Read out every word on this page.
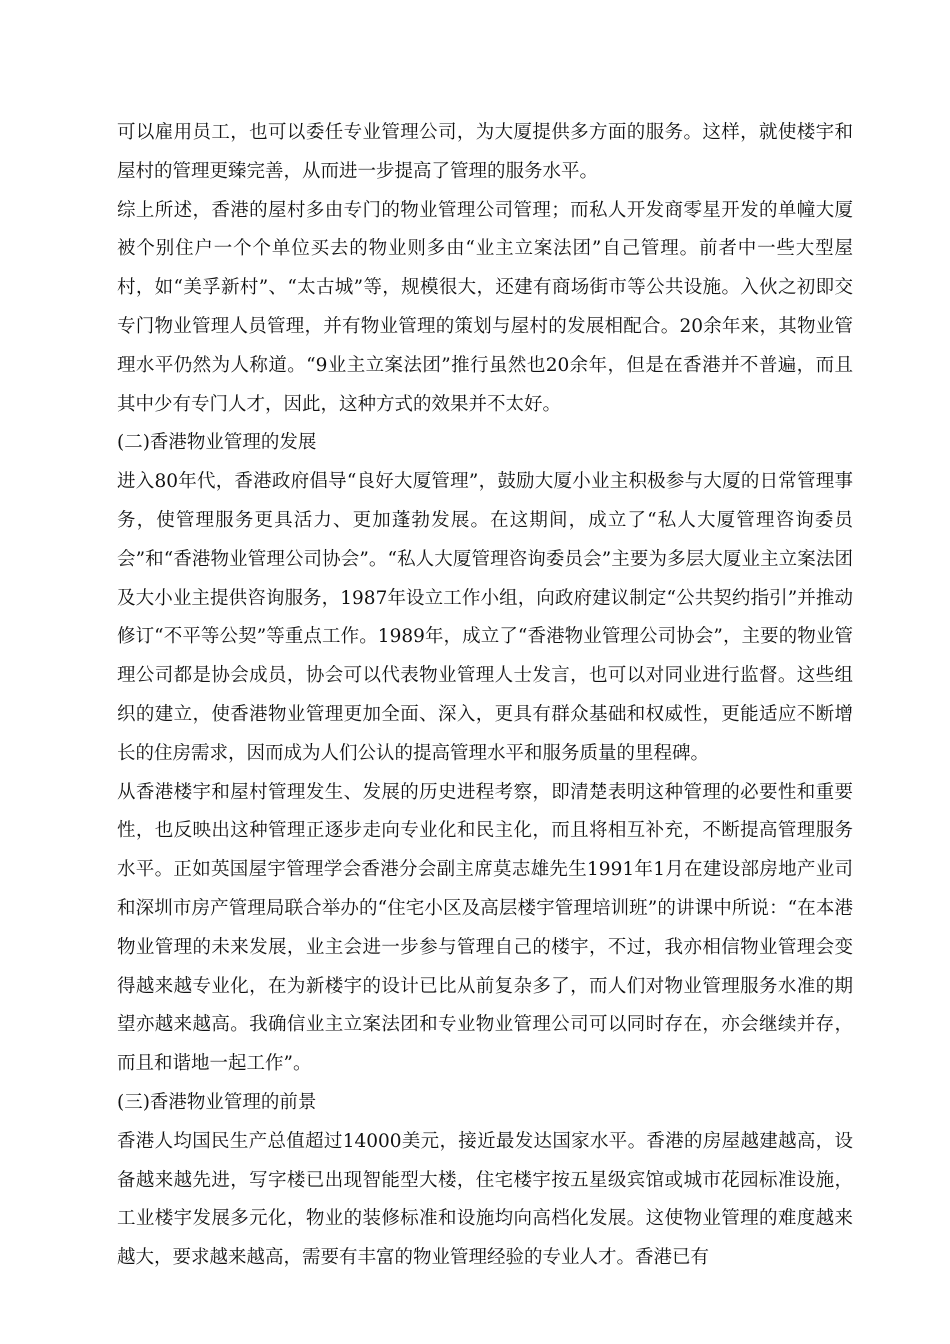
可以雇用员工，也可以委任专业管理公司，为大厦提供多方面的服务。这样，就使楼宇和屋村的管理更臻完善，从而进一步提高了管理的服务水平。

综上所述，香港的屋村多由专门的物业管理公司管理；而私人开发商零星开发的单幢大厦被个别住户一个个单位买去的物业则多由“业主立案法团”自己管理。前者中一些大型屋村，如“美孚新村”、“太古城”等，规模很大，还建有商场街市等公共设施。入伙之初即交专门物业管理人员管理，并有物业管理的策划与屋村的发展相配合。20余年来，其物业管理水平仍然为人称道。“9业主立案法团”推行虽然也20余年，但是在香港并不普遍，而且其中少有专门人才，因此，这种方式的效果并不太好。

(二)香港物业管理的发展

进入80年代，香港政府倡导“良好大厦管理”，鼓励大厦小业主积极参与大厦的日常管理事务，使管理服务更具活力、更加蓬勃发展。在这期间，成立了“私人大厦管理咨询委员会”和“香港物业管理公司协会”。“私人大厦管理咨询委员会”主要为多层大厦业主立案法团及大小业主提供咨询服务，1987年设立工作小组，向政府建议制定“公共契约指引”并推动修订“不平等公契”等重点工作。1989年，成立了“香港物业管理公司协会”，主要的物业管理公司都是协会成员，协会可以代表物业管理人士发言，也可以对同业进行监督。这些组织的建立，使香港物业管理更加全面、深入，更具有群众基础和权威性，更能适应不断增长的住房需求，因而成为人们公认的提高管理水平和服务质量的里程碑。

从香港楼宇和屋村管理发生、发展的历史进程考察，即清楚表明这种管理的必要性和重要性，也反映出这种管理正逐步走向专业化和民主化，而且将相互补充，不断提高管理服务水平。正如英国屋宇管理学会香港分会副主席莫志雄先生1991年1月在建设部房地产业司和深圳市房产管理局联合举办的“住宅小区及高层楼宇管理培训班”的讲课中所说：“在本港物业管理的未来发展，业主会进一步参与管理自己的楼宇，不过，我亦相信物业管理会变得越来越专业化，在为新楼宇的设计已比从前复杂多了，而人们对物业管理服务水准的期望亦越来越高。我确信业主立案法团和专业物业管理公司可以同时存在，亦会继续并存，而且和谐地一起工作”。

(三)香港物业管理的前景

香港人均国民生产总值超过14000美元，接近最发达国家水平。香港的房屋越建越高，设备越来越先进，写字楼已出现智能型大楼，住宅楼宇按五星级宾馆或城市花园标准设施，工业楼宇发展多元化，物业的装修标准和设施均向高档化发展。这使物业管理的难度越来越大，要求越来越高，需要有丰富的物业管理经验的专业人才。香港已有
